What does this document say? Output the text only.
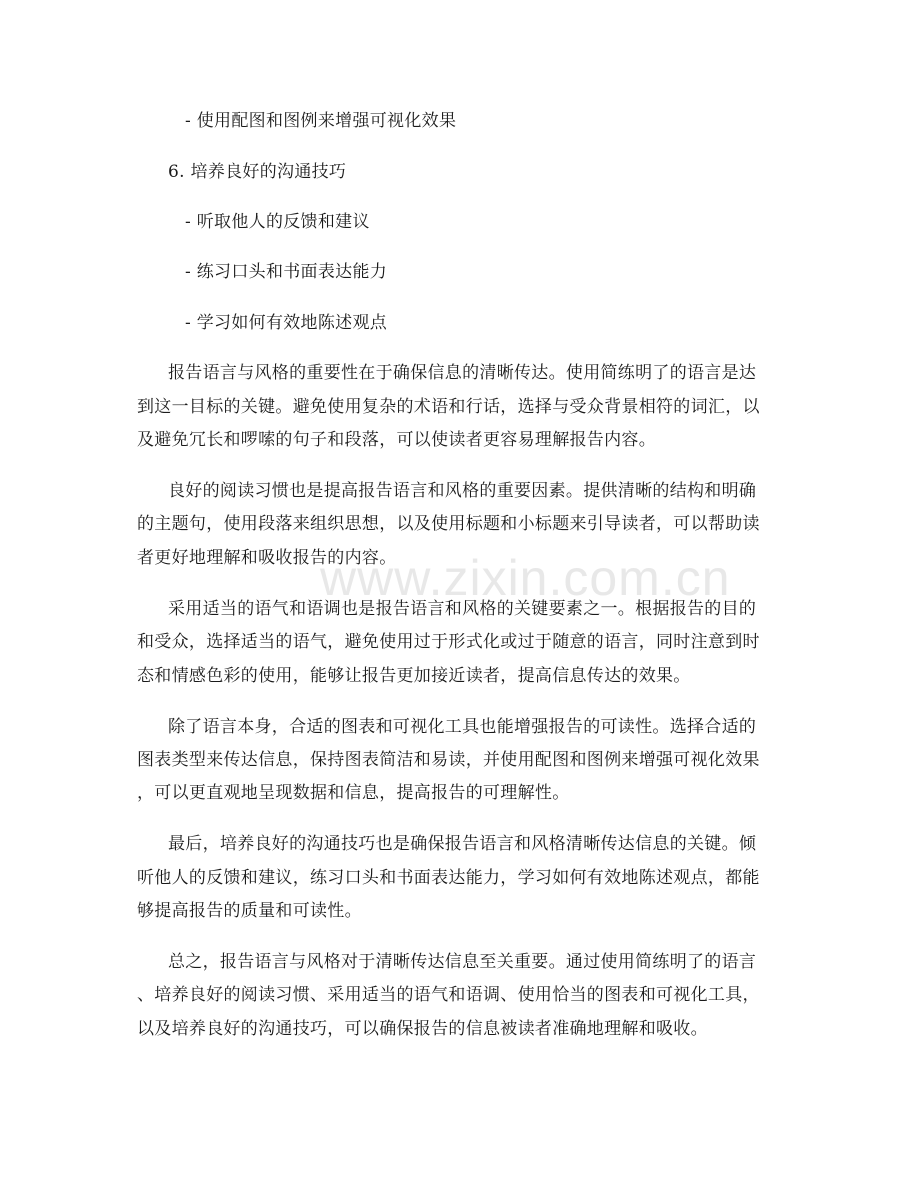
- 使用配图和图例来增强可视化效果
6. 培养良好的沟通技巧
- 听取他人的反馈和建议
- 练习口头和书面表达能力
- 学习如何有效地陈述观点
报告语言与风格的重要性在于确保信息的清晰传达。使用简练明了的语言是达
到这一目标的关键。避免使用复杂的术语和行话，选择与受众背景相符的词汇，以
及避免冗长和啰嗦的句子和段落，可以使读者更容易理解报告内容。
良好的阅读习惯也是提高报告语言和风格的重要因素。提供清晰的结构和明确
的主题句，使用段落来组织思想，以及使用标题和小标题来引导读者，可以帮助读
者更好地理解和吸收报告的内容。
采用适当的语气和语调也是报告语言和风格的关键要素之一。根据报告的目的
和受众，选择适当的语气，避免使用过于形式化或过于随意的语言，同时注意到时
态和情感色彩的使用，能够让报告更加接近读者，提高信息传达的效果。
除了语言本身，合适的图表和可视化工具也能增强报告的可读性。选择合适的
图表类型来传达信息，保持图表简洁和易读，并使用配图和图例来增强可视化效果
，可以更直观地呈现数据和信息，提高报告的可理解性。
最后，培养良好的沟通技巧也是确保报告语言和风格清晰传达信息的关键。倾
听他人的反馈和建议，练习口头和书面表达能力，学习如何有效地陈述观点，都能
够提高报告的质量和可读性。
总之，报告语言与风格对于清晰传达信息至关重要。通过使用简练明了的语言
、培养良好的阅读习惯、采用适当的语气和语调、使用恰当的图表和可视化工具，
以及培养良好的沟通技巧，可以确保报告的信息被读者准确地理解和吸收。
www.zixin.com.cn
